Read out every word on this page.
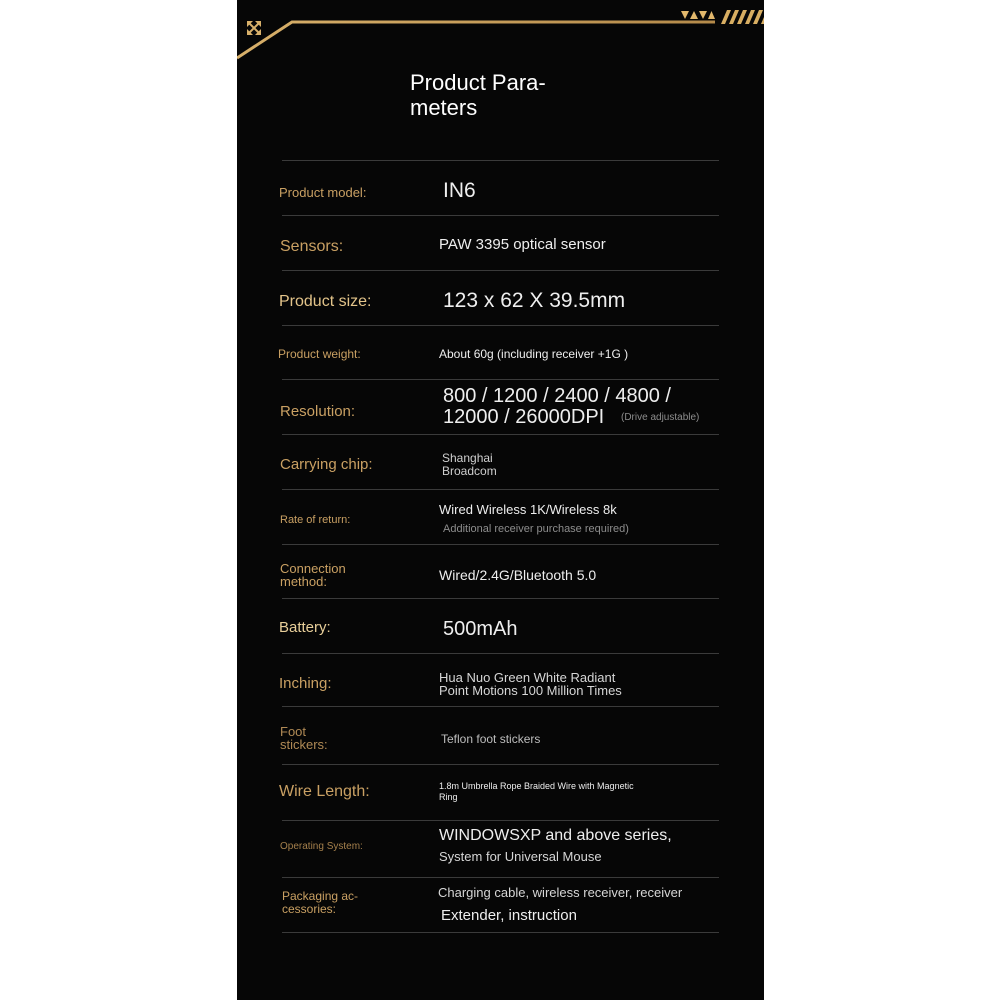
Product Para-
meters
Product model:	IN6
Sensors:	PAW 3395 optical sensor
Product size:	123 x 62 X 39.5mm
Product weight:	About 60g (including receiver +1G )
Resolution:
800 / 1200 / 2400 / 4800 /
12000 / 26000DPI (Drive adjustable)
Carrying chip:	Shanghai
Broadcom
Rate of return:
Wired Wireless 1K/Wireless 8k
Additional receiver purchase required)
Connection
method:	Wired/2.4G/Bluetooth 5.0
Battery:	500mAh
Inching:	Hua Nuo Green White Radiant
Point Motions 100 Million Times
Foot
stickers:	Teflon foot stickers
Wire Length:	1.8m Umbrella Rope Braided Wire with Magnetic
Ring
Operating System:
WINDOWSXP and above series,
System for Universal Mouse
Packaging ac-
cessories:
Charging cable, wireless receiver, receiver
Extender, instruction
